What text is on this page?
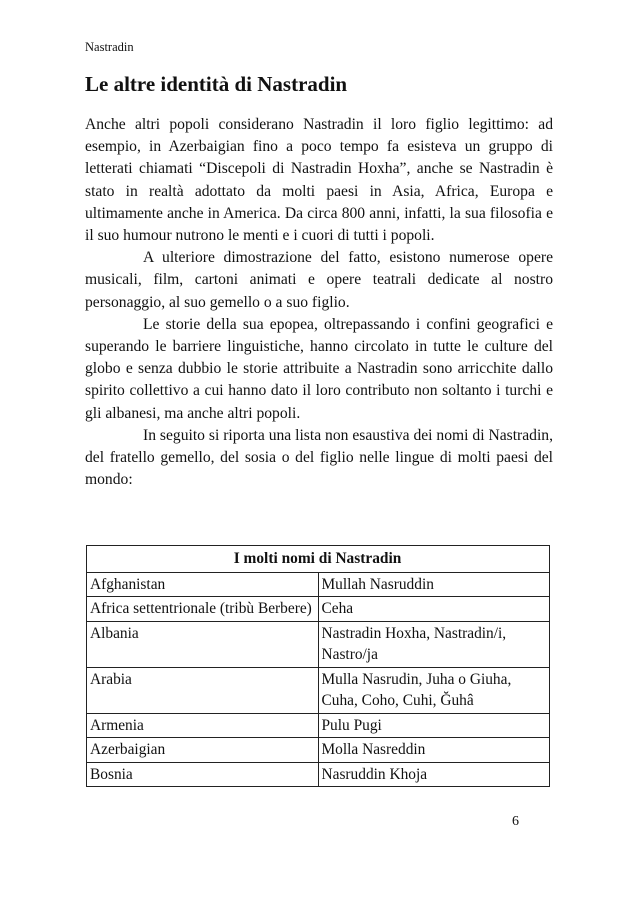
Nastradin
Le altre identità di Nastradin

Anche altri popoli considerano Nastradin il loro figlio legittimo: ad esempio, in Azerbaigian fino a poco tempo fa esisteva un gruppo di letterati chiamati “Discepoli di Nastradin Hoxha”, anche se Nastradin è stato in realtà adottato da molti paesi in Asia, Africa, Europa e ultimamente anche in America. Da circa 800 anni, infatti, la sua filosofia e il suo humour nutrono le menti e i cuori di tutti i popoli.

A ulteriore dimostrazione del fatto, esistono numerose opere musicali, film, cartoni animati e opere teatrali dedicate al nostro personaggio, al suo gemello o a suo figlio.

Le storie della sua epopea, oltrepassando i confini geografici e superando le barriere linguistiche, hanno circolato in tutte le culture del globo e senza dubbio le storie attribuite a Nastradin sono arricchite dallo spirito collettivo a cui hanno dato il loro contributo non soltanto i turchi e gli albanesi, ma anche altri popoli.

In seguito si riporta una lista non esaustiva dei nomi di Nastradin, del fratello gemello, del sosia o del figlio nelle lingue di molti paesi del mondo:

I molti nomi di Nastradin	
Afghanistan	Mullah Nasruddin
Africa settentrionale (tribù Berbere)	Ceha
Albania	Nastradin Hoxha, Nastradin/i, Nastro/ja
Arabia	Mulla Nasrudin, Juha o Giuha, Cuha, Coho, Cuhi, Ğuhâ
Armenia	Pulu Pugi
Azerbaigian	Molla Nasreddin
Bosnia	Nasruddin Khoja
6
